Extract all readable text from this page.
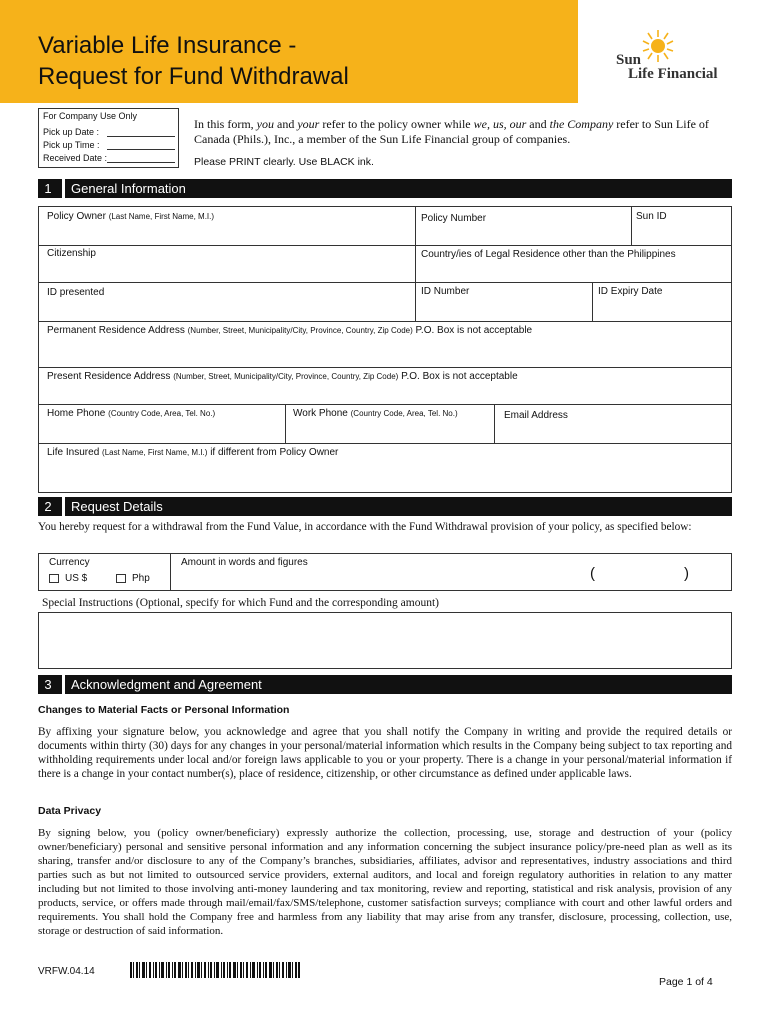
Variable Life Insurance -
Request for Fund Withdrawal
Sun
Life Financial
For Company Use Only
Pick up Date :
Pick up Time :
Received Date :
In this form, you and your refer to the policy owner while we, us, our and the Company refer to Sun Life of Canada (Phils.), Inc., a member of the Sun Life Financial group of companies.
Please PRINT clearly. Use BLACK ink.
1	General Information
Policy Owner (Last Name, First Name, M.I.)	Policy Number	Sun ID
Citizenship	Country/ies of Legal Residence other than the Philippines
ID presented	ID Number	ID Expiry Date
Permanent Residence Address (Number, Street, Municipality/City, Province, Country, Zip Code) P.O. Box is not acceptable
Present Residence Address (Number, Street, Municipality/City, Province, Country, Zip Code) P.O. Box is not acceptable
Home Phone (Country Code, Area, Tel. No.)	Work Phone (Country Code, Area, Tel. No.)	Email Address
Life Insured (Last Name, First Name, M.I.) if different from Policy Owner
2	Request Details
You hereby request for a withdrawal from the Fund Value, in accordance with the Fund Withdrawal provision of your policy, as specified below:
Currency
US $	Php
Amount in words and figures
(	)
Special Instructions (Optional, specify for which Fund and the corresponding amount)
3	Acknowledgment and Agreement
Changes to Material Facts or Personal Information
By affixing your signature below, you acknowledge and agree that you shall notify the Company in writing and provide the required details or documents within thirty (30) days for any changes in your personal/material information which results in the Company being subject to tax reporting and withholding requirements under local and/or foreign laws applicable to you or your property. There is a change in your personal/material information if there is a change in your contact number(s), place of residence, citizenship, or other circumstance as defined under applicable laws.
Data Privacy
By signing below, you (policy owner/beneficiary) expressly authorize the collection, processing, use, storage and destruction of your (policy owner/beneficiary) personal and sensitive personal information and any information concerning the subject insurance policy/pre-need plan as well as its sharing, transfer and/or disclosure to any of the Company’s branches, subsidiaries, affiliates, advisor and representatives, industry associations and third parties such as but not limited to outsourced service providers, external auditors, and local and foreign regulatory authorities in relation to any matter including but not limited to those involving anti-money laundering and tax monitoring, review and reporting, statistical and risk analysis, provision of any products, service, or offers made through mail/email/fax/SMS/telephone, customer satisfaction surveys; compliance with court and other lawful orders and requirements. You shall hold the Company free and harmless from any liability that may arise from any transfer, disclosure, processing, collection, use, storage or destruction of said information.
VRFW.04.14
Page 1 of 4
